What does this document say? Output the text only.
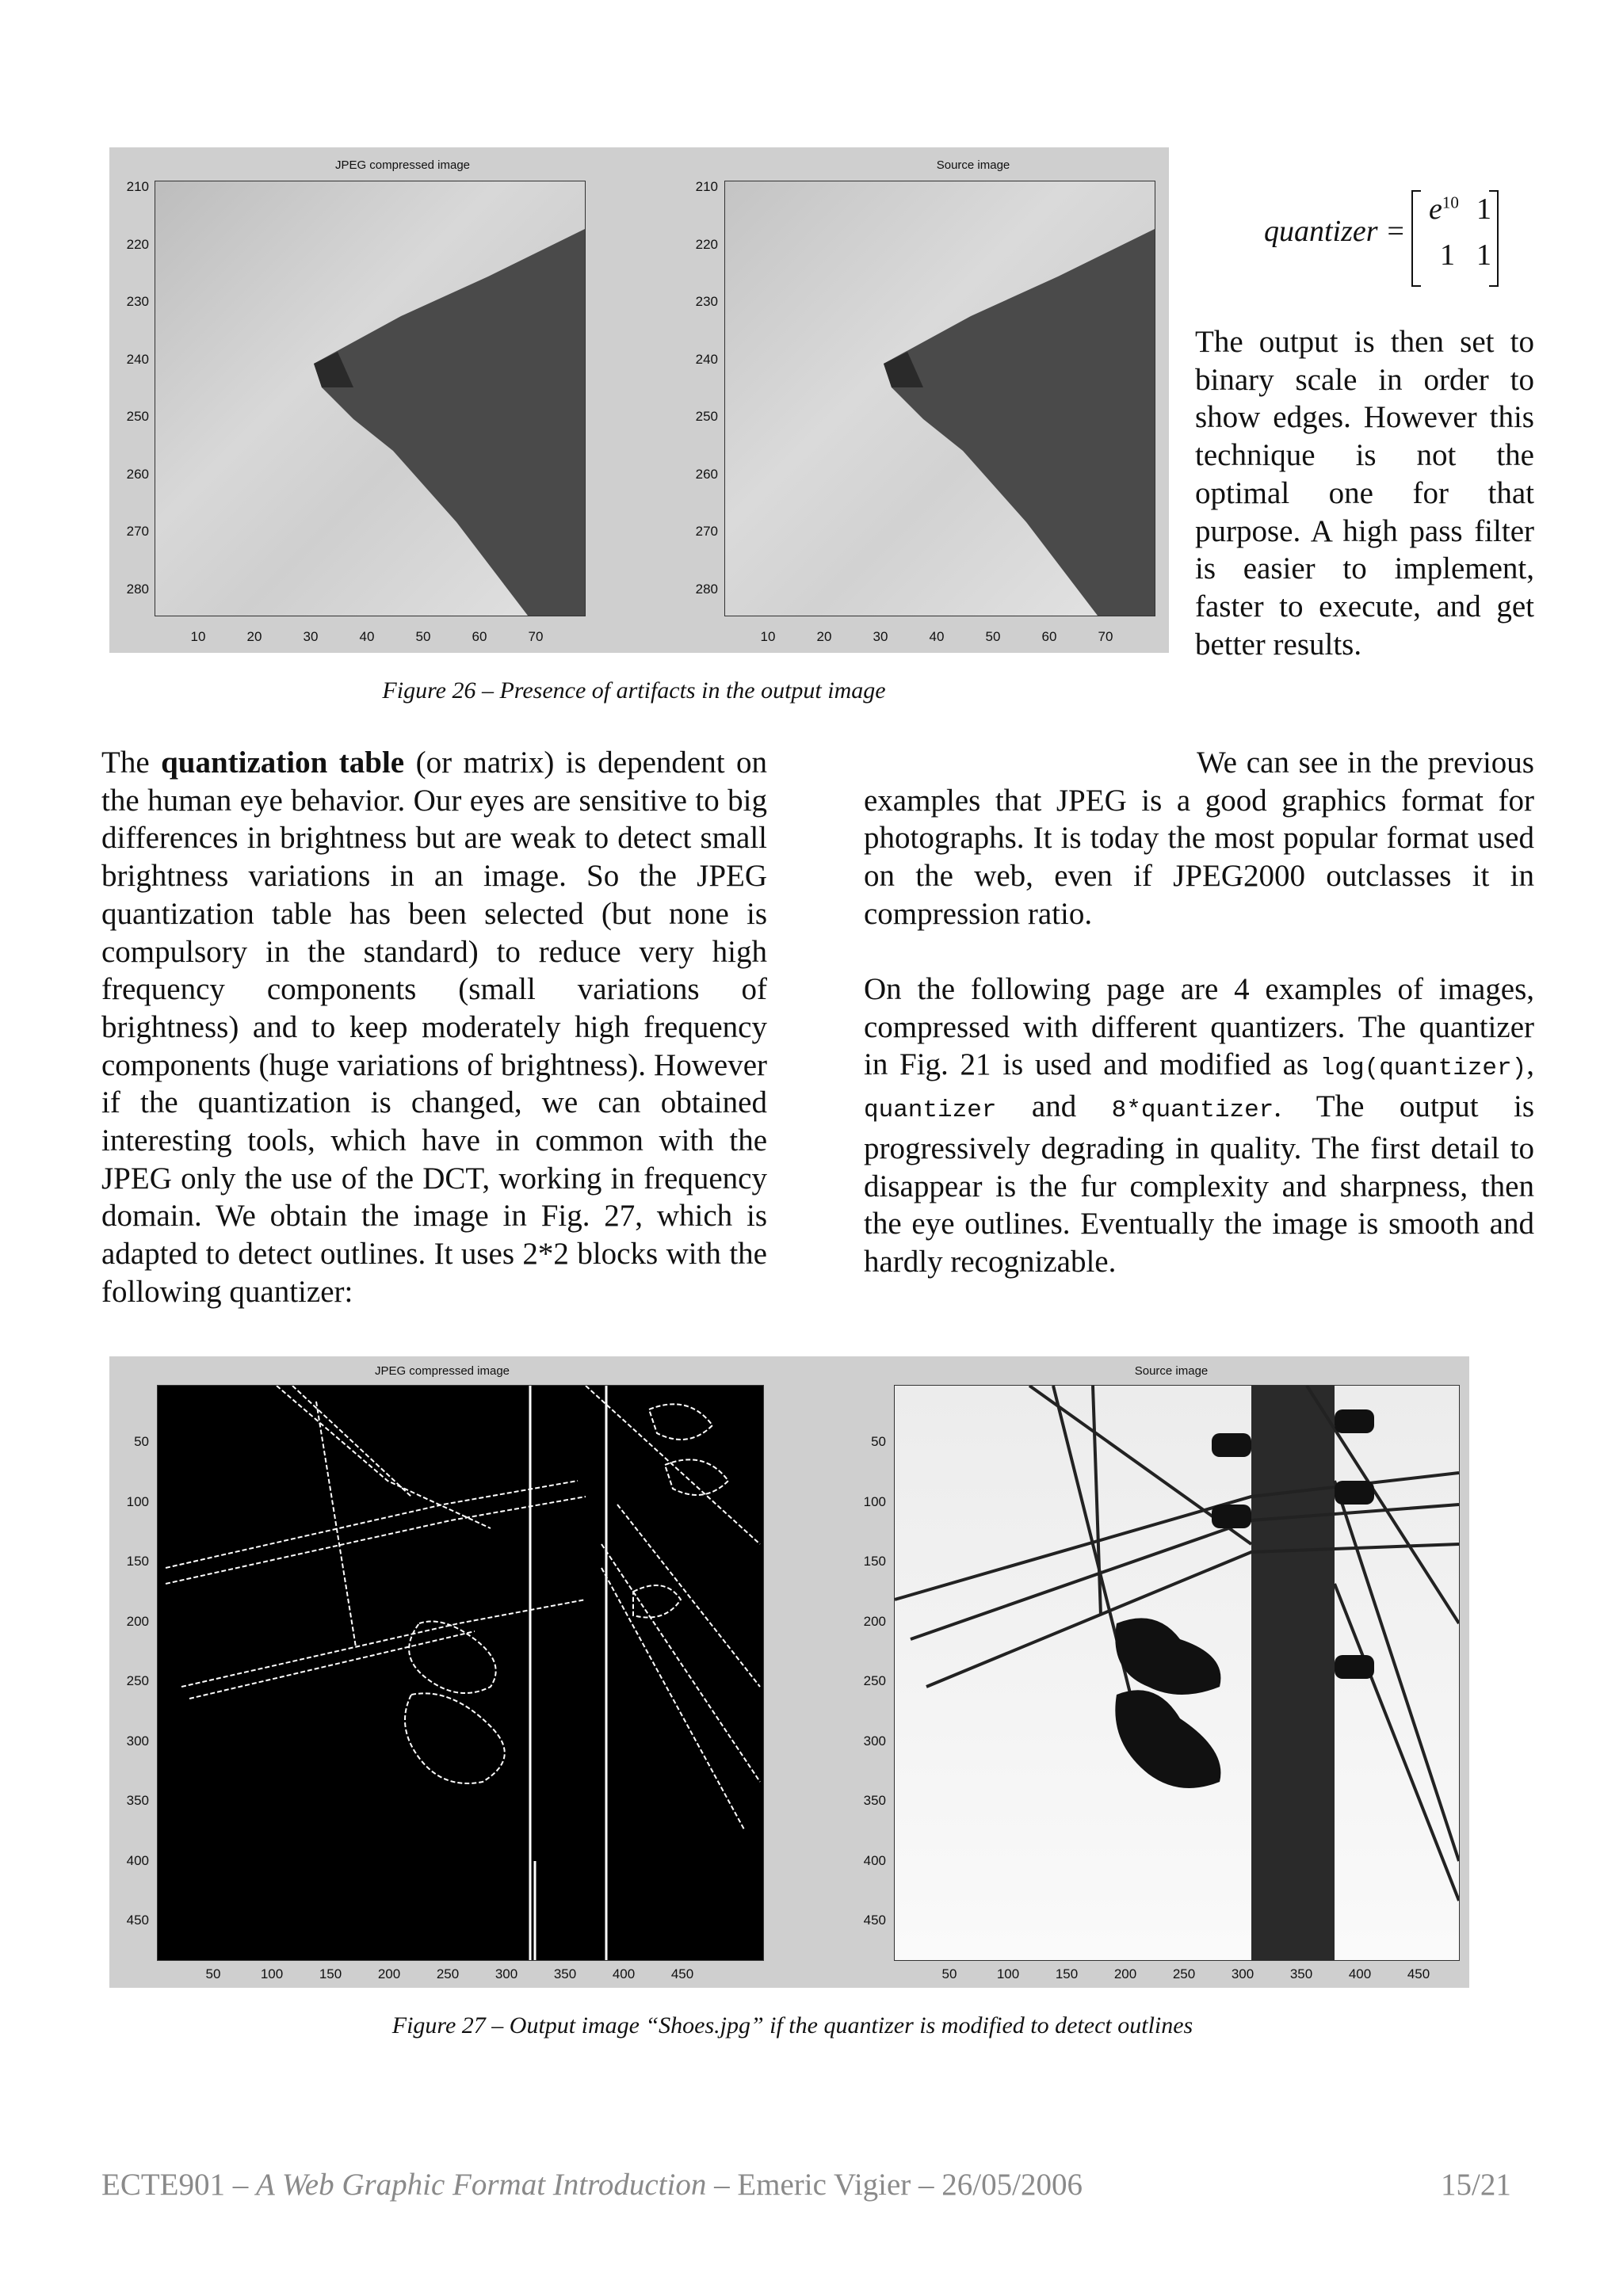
JPEG compressed image
210
220
230
240
250
260
270
280
10	20	30	40	50	60	70
Source image
210
220
230
240
250
260
270
280
10	20	30	40	50	60	70
Figure 26 – Presence of artifacts in the output image
quantizer =
$e^{10}$ 1
1 1
The output is then set to binary scale in order to show edges. However this technique is not the optimal one for that purpose. A high pass filter is easier to implement, faster to execute, and get better results.
The quantization table (or matrix) is dependent on the human eye behavior. Our eyes are sensitive to big differences in brightness but are weak to detect small brightness variations in an image. So the JPEG quantization table has been selected (but none is compulsory in the standard) to reduce very high frequency components (small variations of brightness) and to keep moderately high frequency components (huge variations of brightness). However if the quantization is changed, we can obtained interesting tools, which have in common with the JPEG only the use of the DCT, working in frequency domain. We obtain the image in Fig. 27, which is adapted to detect outlines. It uses 2*2 blocks with the following quantizer:
We can see in the previous examples that JPEG is a good graphics format for photographs. It is today the most popular format used on the web, even if JPEG2000 outclasses it in compression ratio.
On the following page are 4 examples of images, compressed with different quantizers. The quantizer in Fig. 21 is used and modified as log(quantizer), quantizer and 8*quantizer. The output is progressively degrading in quality. The first detail to disappear is the fur complexity and sharpness, then the eye outlines. Eventually the image is smooth and hardly recognizable.
JPEG compressed image
50
100
150
200
250
300
350
400
450
50	100	150	200	250	300	350	400	450
Source image
50
100
150
200
250
300
350
400
450
50	100	150	200	250	300	350	400	450
Figure 27 – Output image “Shoes.jpg” if the quantizer is modified to detect outlines
ECTE901 – A Web Graphic Format Introduction – Emeric Vigier – 26/05/2006	15/21
